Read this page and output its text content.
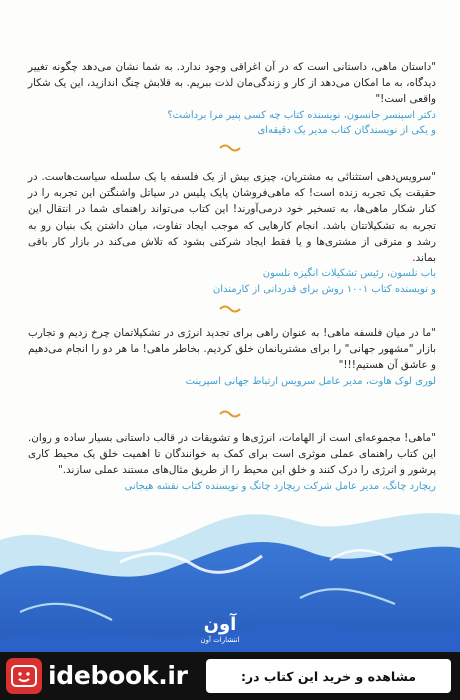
"داستان ماهی، داستانی است که در آن اغراقی وجود ندارد. به شما نشان می‌دهد چگونه تغییر دیدگاه، به ما امکان می‌دهد از کار و زندگی‌مان لذت ببریم. به قلابش چنگ اندازید، این یک شکار واقعی است!"

دکتر اسپنسر جانسون، نویسنده کتاب چه کسی پنیر مرا برداشت؟

و یکی از نویسندگان کتاب مدیر یک دقیقه‌ای

"سرویس‌دهی استثنائی به مشتریان، چیزی بیش از یک فلسفه یا یک سلسله سیاست‌هاست. در حقیقت یک تجربه زنده است! که ماهی‌فروشان پایک پلیس در سیاتل واشنگتن این تجربه را در کنار شکار ماهی‌ها، به تسخیر خود درمی‌آورند! این کتاب می‌تواند راهنمای شما در انتقال این تجربه به تشکیلاتتان باشد. انجام کارهایی که موجب ایجاد تفاوت، میان داشتن یک بنیان رو به رشد و مترقی از مشتری‌ها و یا فقط ایجاد شرکتی بشود که تلاش می‌کند در بازار کار باقی بماند.

باب نلسون، رئیس تشکیلات انگیزه نلسون

و نویسنده کتاب ۱۰۰۱ روش برای قدردانی از کارمندان

"ما در میان فلسفه ماهی! به عنوان راهی برای تجدید انرژی در تشکیلاتمان چرخ زدیم و تجارب بازار "مشهور جهانی" را برای مشتریانمان خلق کردیم. بخاطر ماهی! ما هر دو را انجام می‌دهیم و عاشق آن هستیم!!!"

لوری لوک هاوت، مدیر عامل سرویس ارتباط جهانی اسپرینت

"ماهی! مجموعه‌ای است از الهامات، انرژی‌ها و تشویقات در قالب داستانی بسیار ساده و روان. این کتاب راهنمای عملی موثری است برای کمک به خوانندگان تا اهمیت خلق یک محیط کاری پرشور و انرژی را درک کنند و خلق این محیط را از طریق مثال‌های مستند عملی سازند."

ریچارد چانگ، مدیر عامل شرکت ریچارد چانگ و نویسنده کتاب نقشه هیجانی

آون
انتشارات آون
idebook.ir	مشاهده و خرید این کتاب در:
